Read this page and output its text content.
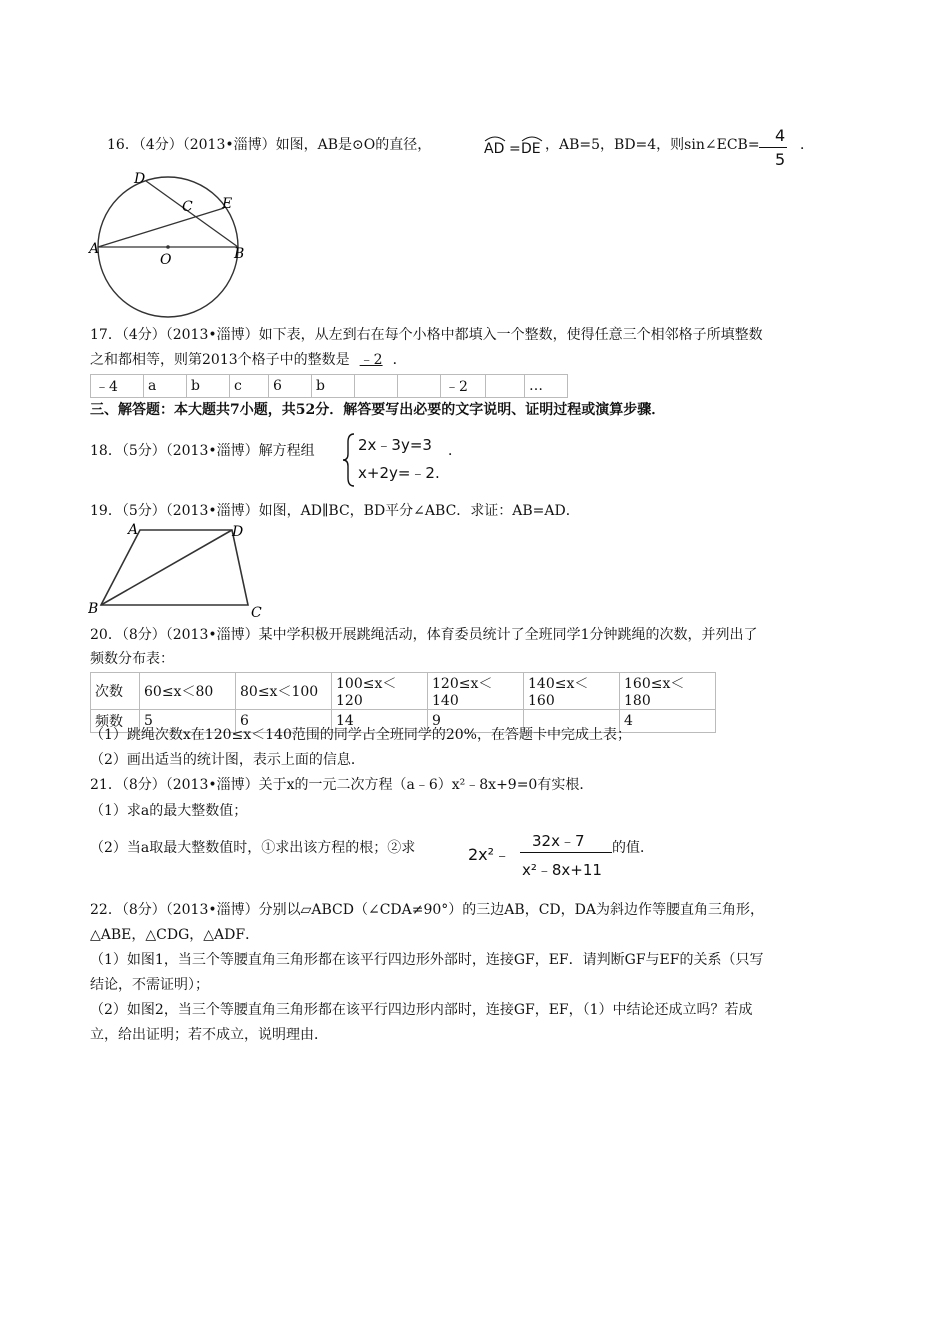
16．（4分）（2013•淄博）如图，AB是⊙O的直径，	AD = DE ，AB=5，BD=4，则sin∠ECB= 4
5
．
D
C E
A
O	B
17．（4分）（2013•淄博）如下表，从左到右在每个小格中都填入一个整数，使得任意三个相邻格子所填整数
之和都相等，则第2013个格子中的整数是 ﹣2 ．
﹣4	a	b	c	6	b			﹣2		…
三、解答题：本大题共7小题，共52分．解答要写出必要的文字说明、证明过程或演算步骤．
18．（5分）（2013•淄博）解方程组	2x﹣3y=3
x+2y=﹣2.
．
19．（5分）（2013•淄博）如图，AD∥BC，BD平分∠ABC．求证：AB=AD．
A	D
B	C
20．（8分）（2013•淄博）某中学积极开展跳绳活动，体育委员统计了全班同学1分钟跳绳的次数，并列出了
频数分布表：
次数	60≤x＜80	80≤x＜100	100≤x＜120	120≤x＜140	140≤x＜160	160≤x＜180
频数	5	6	14	9		4
（1）跳绳次数x在120≤x＜140范围的同学占全班同学的20%，在答题卡中完成上表；
（2）画出适当的统计图，表示上面的信息．
21．（8分）（2013•淄博）关于x的一元二次方程（a﹣6）x²﹣8x+9=0有实根．
（1）求a的最大整数值；
（2）当a取最大整数值时，①求出该方程的根；②求	2x²﹣
32x﹣7
x²﹣8x+11
的值．
22．（8分）（2013•淄博）分别以▱ABCD（∠CDA≠90°）的三边AB，CD，DA为斜边作等腰直角三角形，
△ABE，△CDG，△ADF．
（1）如图1，当三个等腰直角三角形都在该平行四边形外部时，连接GF，EF．请判断GF与EF的关系（只写
结论，不需证明）；
（2）如图2，当三个等腰直角三角形都在该平行四边形内部时，连接GF，EF，（1）中结论还成立吗？若成
立，给出证明；若不成立，说明理由．
